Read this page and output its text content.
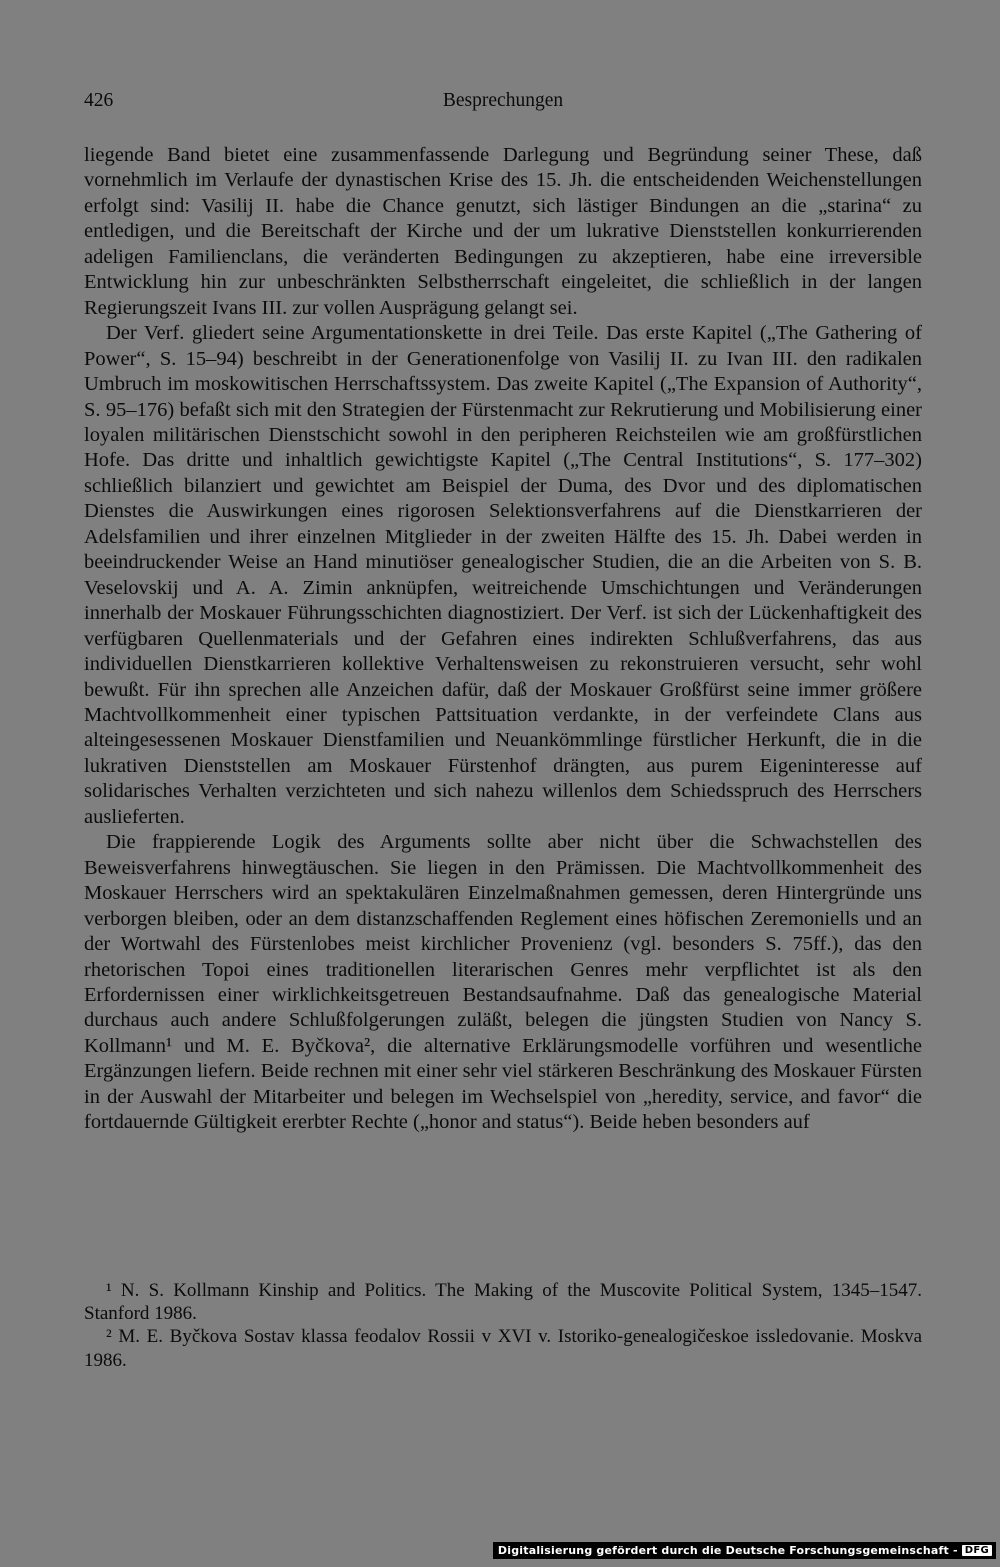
426	Besprechungen

liegende Band bietet eine zusammenfassende Darlegung und Begründung seiner These, daß vornehmlich im Verlaufe der dynastischen Krise des 15. Jh. die entscheidenden Weichenstellungen erfolgt sind: Vasilij II. habe die Chance genutzt, sich lästiger Bindungen an die „starina“ zu entledigen, und die Bereitschaft der Kirche und der um lukrative Dienststellen konkurrierenden adeligen Familienclans, die veränderten Bedingungen zu akzeptieren, habe eine irreversible Entwicklung hin zur unbeschränkten Selbstherrschaft eingeleitet, die schließlich in der langen Regierungszeit Ivans III. zur vollen Ausprägung gelangt sei.

Der Verf. gliedert seine Argumentationskette in drei Teile. Das erste Kapitel („The Gathering of Power“, S. 15–94) beschreibt in der Generationenfolge von Vasilij II. zu Ivan III. den radikalen Umbruch im moskowitischen Herrschaftssystem. Das zweite Kapitel („The Expansion of Authority“, S. 95–176) befaßt sich mit den Strategien der Fürstenmacht zur Rekrutierung und Mobilisierung einer loyalen militärischen Dienstschicht sowohl in den peripheren Reichsteilen wie am großfürstlichen Hofe. Das dritte und inhaltlich gewichtigste Kapitel („The Central Institutions“, S. 177–302) schließlich bilanziert und gewichtet am Beispiel der Duma, des Dvor und des diplomatischen Dienstes die Auswirkungen eines rigorosen Selektionsverfahrens auf die Dienstkarrieren der Adelsfamilien und ihrer einzelnen Mitglieder in der zweiten Hälfte des 15. Jh. Dabei werden in beeindruckender Weise an Hand minutiöser genealogischer Studien, die an die Arbeiten von S. B. Veselovskij und A. A. Zimin anknüpfen, weitreichende Umschichtungen und Veränderungen innerhalb der Moskauer Führungsschichten diagnostiziert. Der Verf. ist sich der Lückenhaftigkeit des verfügbaren Quellenmaterials und der Gefahren eines indirekten Schlußverfahrens, das aus individuellen Dienstkarrieren kollektive Verhaltensweisen zu rekonstruieren versucht, sehr wohl bewußt. Für ihn sprechen alle Anzeichen dafür, daß der Moskauer Großfürst seine immer größere Machtvollkommenheit einer typischen Pattsituation verdankte, in der verfeindete Clans aus alteingesessenen Moskauer Dienstfamilien und Neuankömmlinge fürstlicher Herkunft, die in die lukrativen Dienststellen am Moskauer Fürstenhof drängten, aus purem Eigeninteresse auf solidarisches Verhalten verzichteten und sich nahezu willenlos dem Schiedsspruch des Herrschers auslieferten.

Die frappierende Logik des Arguments sollte aber nicht über die Schwachstellen des Beweisverfahrens hinwegtäuschen. Sie liegen in den Prämissen. Die Machtvollkommenheit des Moskauer Herrschers wird an spektakulären Einzelmaßnahmen gemessen, deren Hintergründe uns verborgen bleiben, oder an dem distanzschaffenden Reglement eines höfischen Zeremoniells und an der Wortwahl des Fürstenlobes meist kirchlicher Provenienz (vgl. besonders S. 75ff.), das den rhetorischen Topoi eines traditionellen literarischen Genres mehr verpflichtet ist als den Erfordernissen einer wirklichkeitsgetreuen Bestandsaufnahme. Daß das genealogische Material durchaus auch andere Schlußfolgerungen zuläßt, belegen die jüngsten Studien von Nancy S. Kollmann¹ und M. E. Byčkova², die alternative Erklärungsmodelle vorführen und wesentliche Ergänzungen liefern. Beide rechnen mit einer sehr viel stärkeren Beschränkung des Moskauer Fürsten in der Auswahl der Mitarbeiter und belegen im Wechselspiel von „heredity, service, and favor“ die fortdauernde Gültigkeit ererbter Rechte („honor and status“). Beide heben besonders auf

¹ N. S. Kollmann Kinship and Politics. The Making of the Muscovite Political System, 1345–1547. Stanford 1986.

² M. E. Byčkova Sostav klassa feodalov Rossii v XVI v. Istoriko-genealogičeskoe issledovanie. Moskva 1986.

Digitalisierung gefördert durch die Deutsche Forschungsgemeinschaft - DFG
